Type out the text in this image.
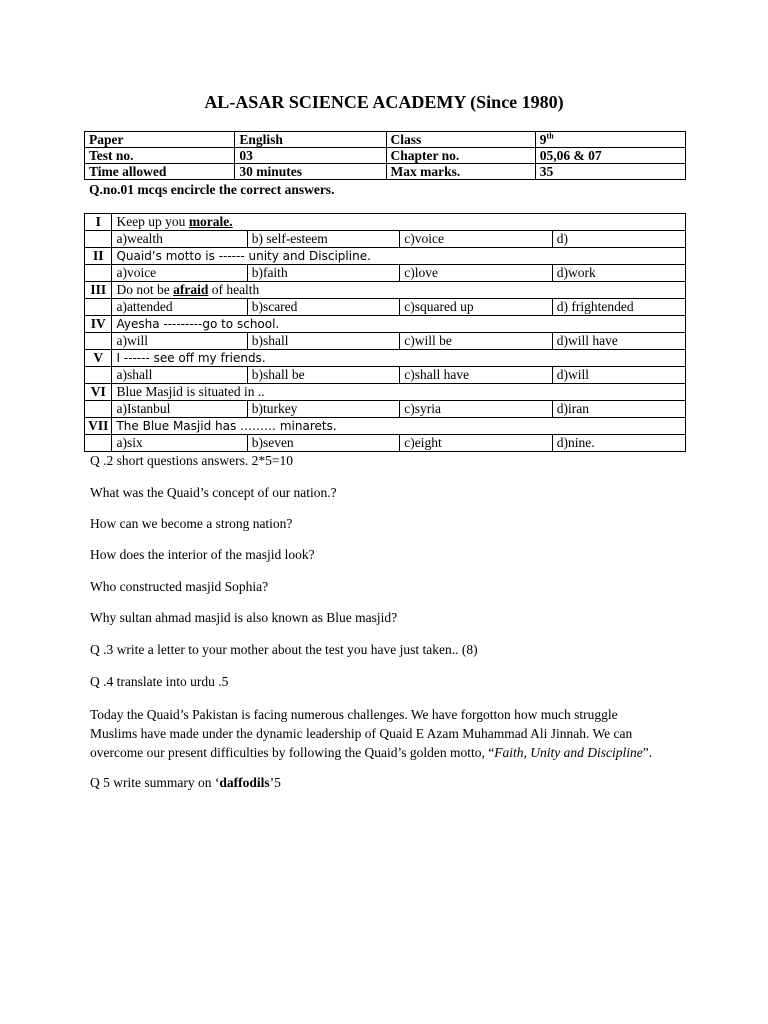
AL-ASAR SCIENCE ACADEMY (Since 1980)
Paper	English	Class	9th
Test no.	03	Chapter no.	05,06 & 07
Time allowed	30 minutes	Max marks.	35
Q.no.01 mcqs encircle the correct answers.
I	Keep up you morale.			
	a)wealth	b) self-esteem	c)voice	d)
II	Quaid’s motto is ------ unity and Discipline.			
	a)voice	b)faith	c)love	d)work
III	Do not be afraid of health			
	a)attended	b)scared	c)squared up	d) frightended
IV	Ayesha ---------go to school.			
	a)will	b)shall	c)will be	d)will have
V	I ------ see off my friends.			
	a)shall	b)shall be	c)shall have	d)will
VI	Blue Masjid is situated in ..			
	a)Istanbul	b)turkey	c)syria	d)iran
VII	The Blue Masjid has ……… minarets.			
	a)six	b)seven	c)eight	d)nine.
Q .2 short questions answers. 2*5=10
What was the Quaid’s concept of our nation.?
How can we become a strong nation?
How does the interior of the masjid look?
Who constructed masjid Sophia?
Why sultan ahmad masjid is also known as Blue masjid?
Q .3 write a letter to your mother about the test you have just taken.. (8)
Q .4 translate into urdu .5
Today the Quaid’s Pakistan is facing numerous challenges. We have forgotton how much struggle
Muslims have made under the dynamic leadership of Quaid E Azam Muhammad Ali Jinnah. We can
overcome our present difficulties by following the Quaid’s golden motto, “Faith, Unity and Discipline”.
Q 5 write summary on ‘daffodils’5
